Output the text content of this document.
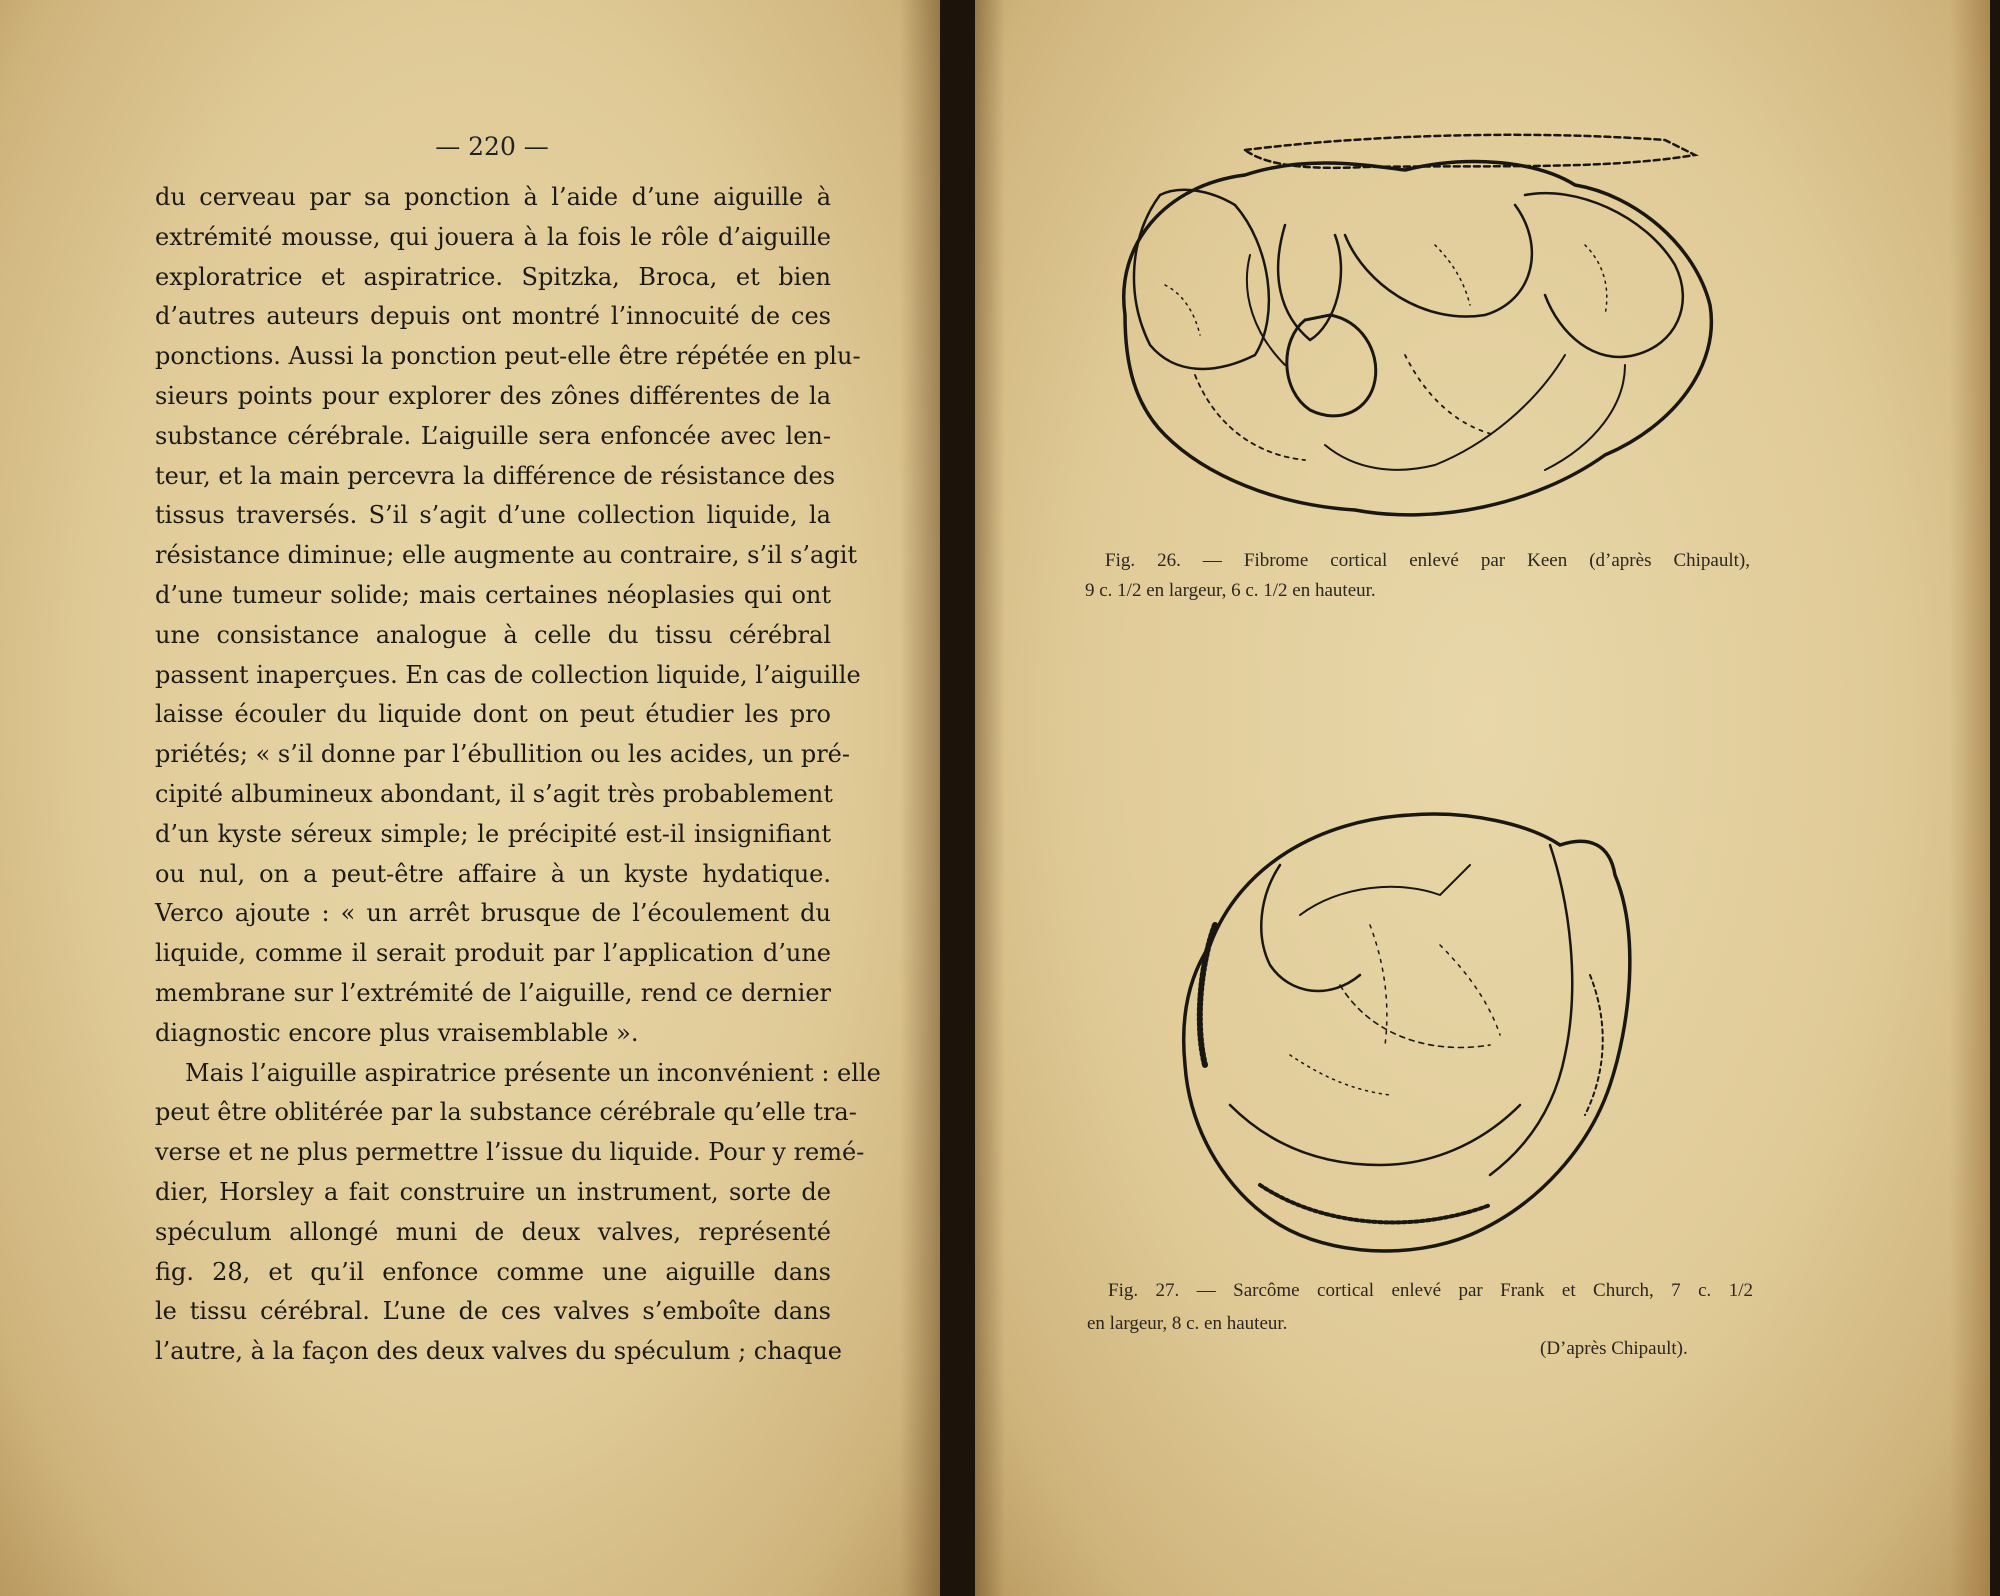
— 220 —
du cerveau par sa ponction à l’aide d’une aiguille à
extrémité mousse, qui jouera à la fois le rôle d’aiguille
exploratrice et aspiratrice. Spitzka, Broca, et bien
d’autres auteurs depuis ont montré l’innocuité de ces
ponctions. Aussi la ponction peut-elle être répétée en plu-
sieurs points pour explorer des zônes différentes de la
substance cérébrale. L’aiguille sera enfoncée avec len-
teur, et la main percevra la différence de résistance des
tissus traversés. S’il s’agit d’une collection liquide, la
résistance diminue; elle augmente au contraire, s’il s’agit
d’une tumeur solide; mais certaines néoplasies qui ont
une consistance analogue à celle du tissu cérébral
passent inaperçues. En cas de collection liquide, l’aiguille
laisse écouler du liquide dont on peut étudier les pro
priétés; « s’il donne par l’ébullition ou les acides, un pré-
cipité albumineux abondant, il s’agit très probablement
d’un kyste séreux simple; le précipité est-il insignifiant
ou nul, on a peut-être affaire à un kyste hydatique.
Verco ajoute : « un arrêt brusque de l’écoulement du
liquide, comme il serait produit par l’application d’une
membrane sur l’extrémité de l’aiguille, rend ce dernier
diagnostic encore plus vraisemblable ».
Mais l’aiguille aspiratrice présente un inconvénient : elle
peut être oblitérée par la substance cérébrale qu’elle tra-
verse et ne plus permettre l’issue du liquide. Pour y remé-
dier, Horsley a fait construire un instrument, sorte de
spéculum allongé muni de deux valves, représenté
fig. 28, et qu’il enfonce comme une aiguille dans
le tissu cérébral. L’une de ces valves s’emboîte dans
l’autre, à la façon des deux valves du spéculum ; chaque
Fig. 26. — Fibrome cortical enlevé par Keen (d’après Chipault),
9 c. 1/2 en largeur, 6 c. 1/2 en hauteur.
Fig. 27. — Sarcôme cortical enlevé par Frank et Church, 7 c. 1/2
en largeur, 8 c. en hauteur.
(D’après Chipault).
